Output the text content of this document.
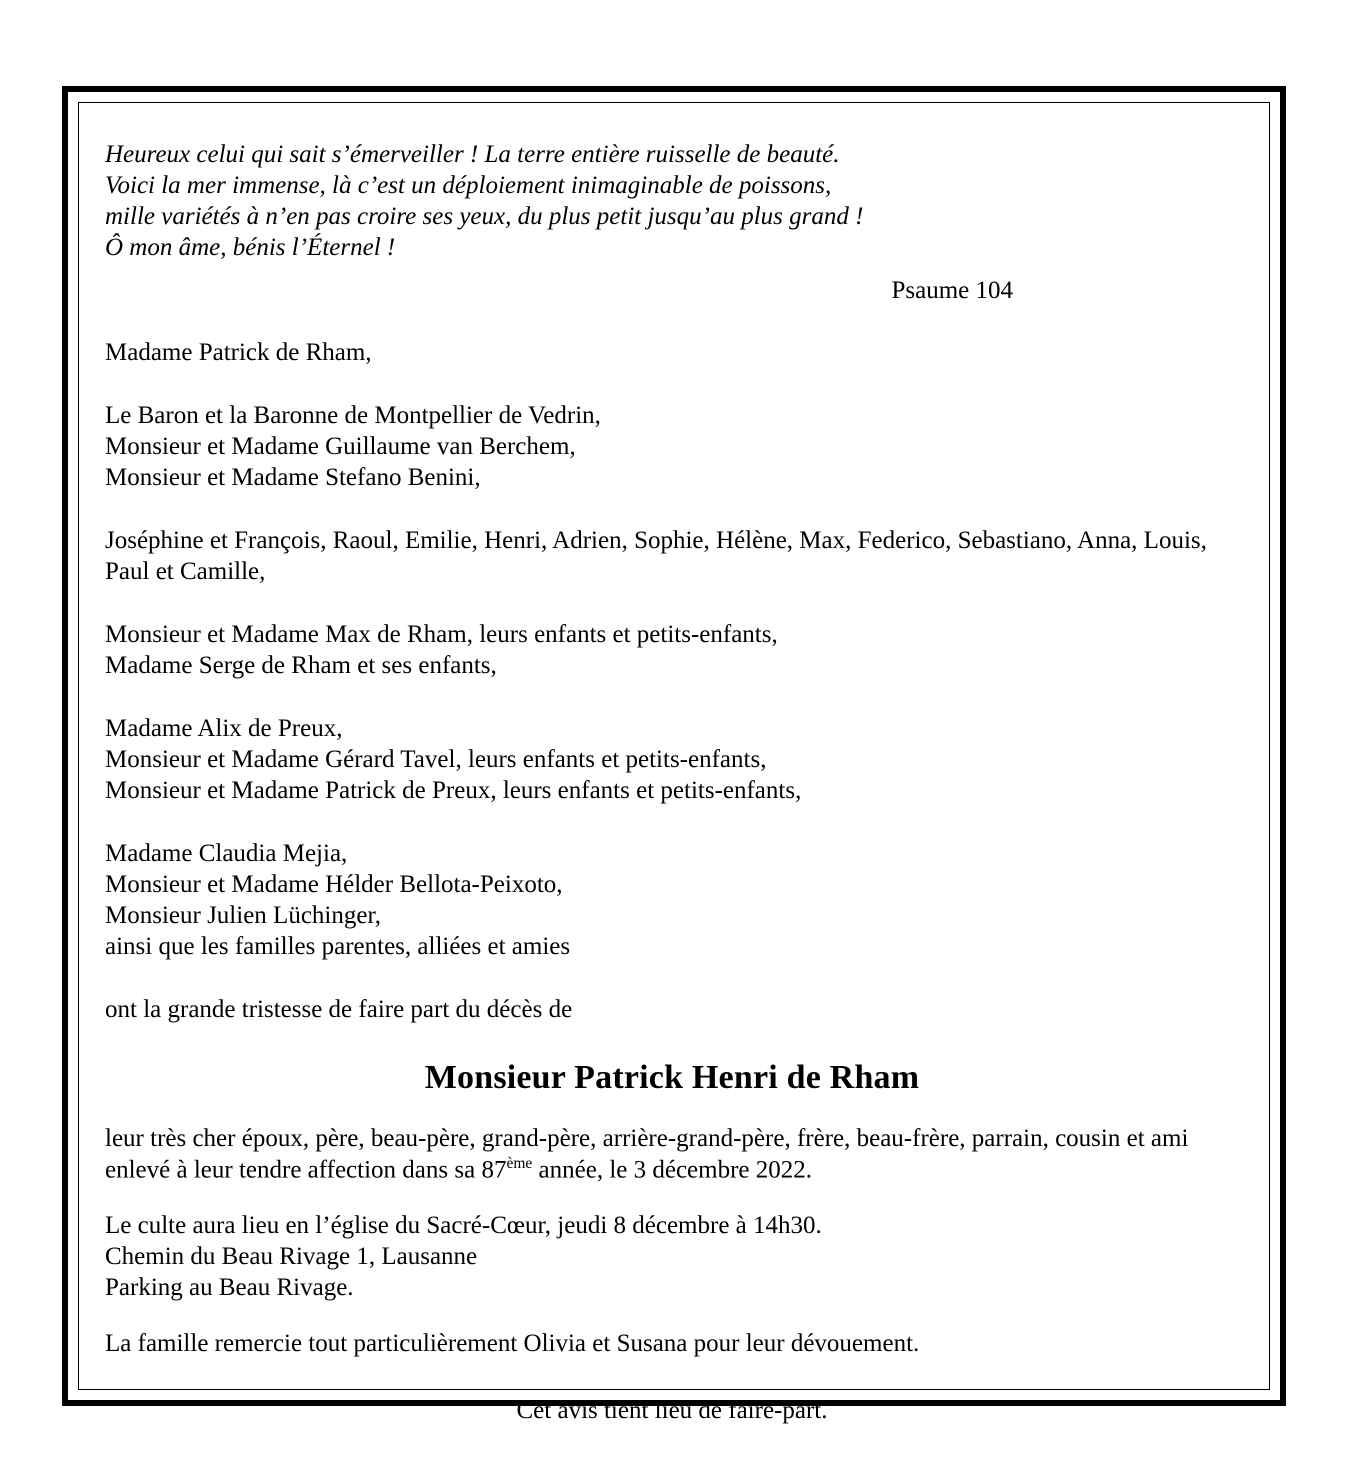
Heureux celui qui sait s’émerveiller ! La terre entière ruisselle de beauté.
Voici la mer immense, là c’est un déploiement inimaginable de poissons,
mille variétés à n’en pas croire ses yeux, du plus petit jusqu’au plus grand !
Ô mon âme, bénis l’Éternel !
Psaume 104
Madame Patrick de Rham,
Le Baron et la Baronne de Montpellier de Vedrin,
Monsieur et Madame Guillaume van Berchem,
Monsieur et Madame Stefano Benini,
Joséphine et François, Raoul, Emilie, Henri, Adrien, Sophie, Hélène, Max, Federico, Sebastiano, Anna, Louis, Paul et Camille,
Monsieur et Madame Max de Rham, leurs enfants et petits-enfants,
Madame Serge de Rham et ses enfants,
Madame Alix de Preux,
Monsieur et Madame Gérard Tavel, leurs enfants et petits-enfants,
Monsieur et Madame Patrick de Preux, leurs enfants et petits-enfants,
Madame Claudia Mejia,
Monsieur et Madame Hélder Bellota-Peixoto,
Monsieur Julien Lüchinger,
ainsi que les familles parentes, alliées et amies
ont la grande tristesse de faire part du décès de
Monsieur Patrick Henri de Rham
leur très cher époux, père, beau-père, grand-père, arrière-grand-père, frère, beau-frère, parrain, cousin et ami enlevé à leur tendre affection dans sa 87ème année, le 3 décembre 2022.
Le culte aura lieu en l’église du Sacré-Cœur, jeudi 8 décembre à 14h30.
Chemin du Beau Rivage 1, Lausanne
Parking au Beau Rivage.
La famille remercie tout particulièrement Olivia et Susana pour leur dévouement.
Cet avis tient lieu de faire-part.
